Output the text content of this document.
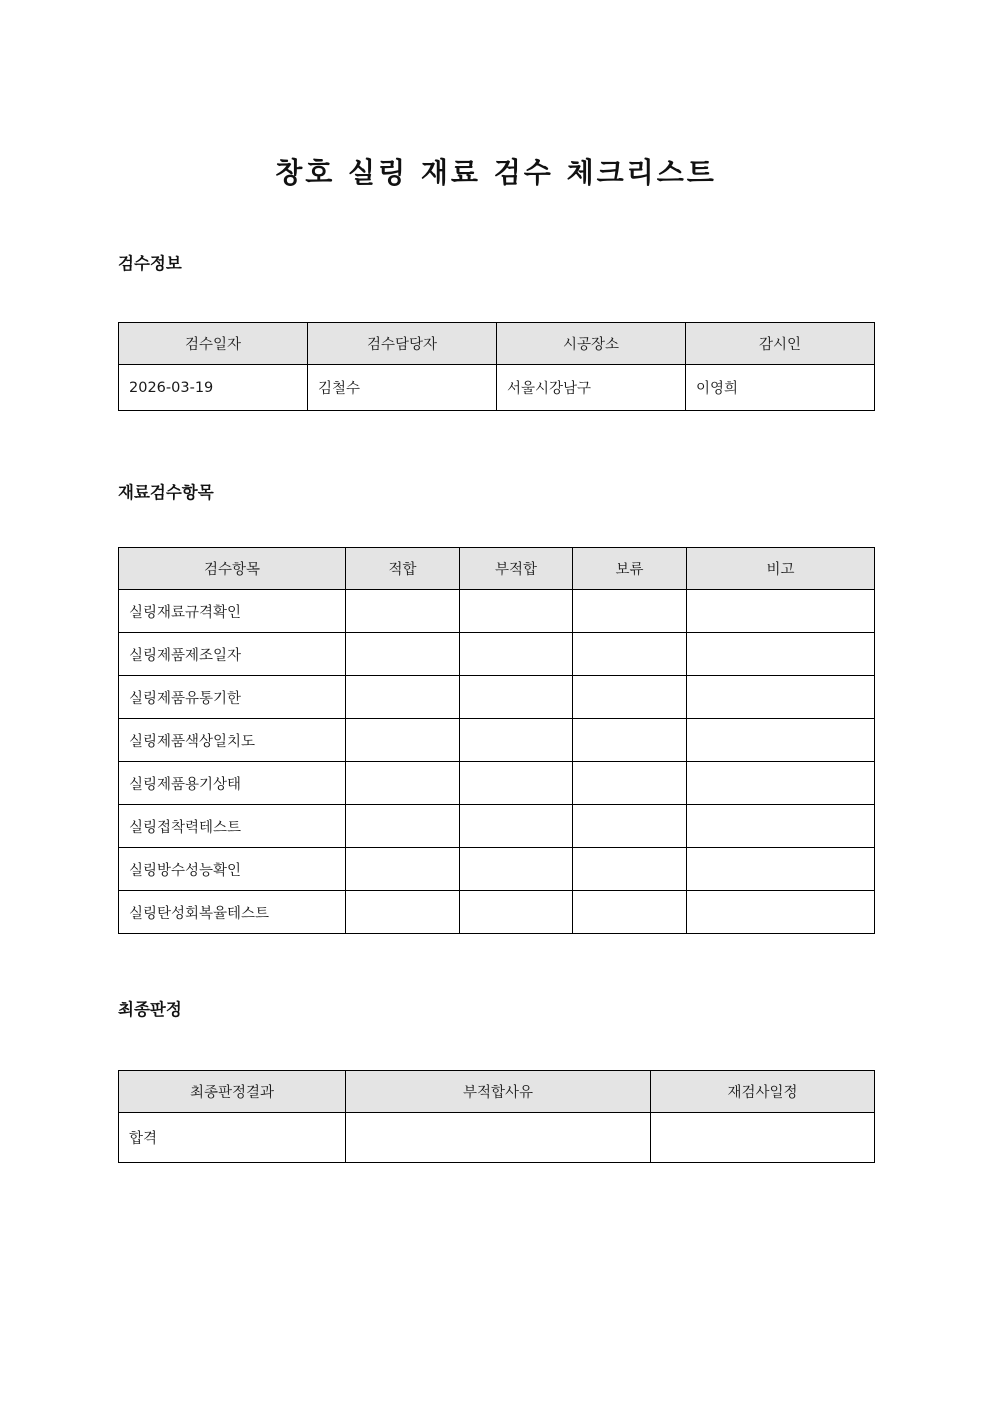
창호 실링 재료 검수 체크리스트
검수정보
검수일자	검수담당자	시공장소	감시인
2026-03-19	김철수	서울시강남구	이영희
재료검수항목
검수항목	적합	부적합	보류	비고
실링재료규격확인				
실링제품제조일자				
실링제품유통기한				
실링제품색상일치도				
실링제품용기상태				
실링접착력테스트				
실링방수성능확인				
실링탄성회복율테스트				
최종판정
최종판정결과	부적합사유	재검사일정
합격		
